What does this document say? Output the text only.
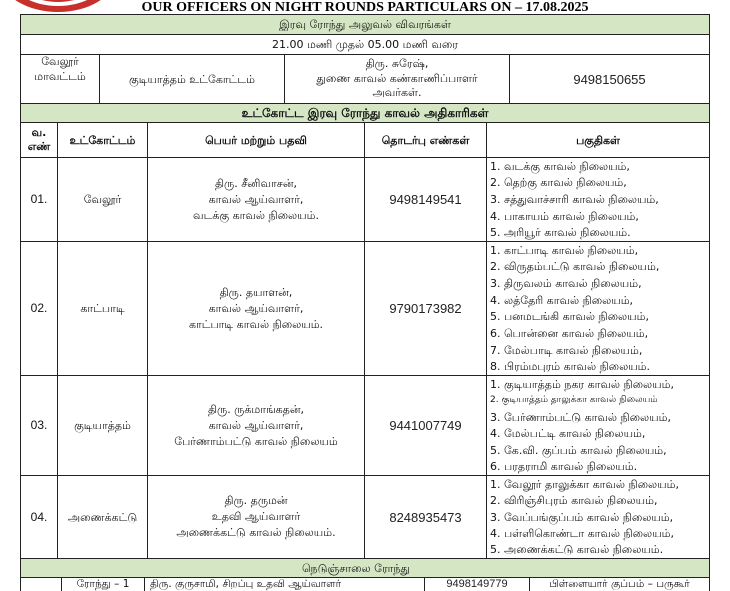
OUR OFFICERS ON NIGHT ROUNDS PARTICULARS ON – 17.08.2025
இரவு ரோந்து அலுவல் விவரங்கள்
21.00 மணி முதல் 05.00 மணி வரை
வேலூர்
மாவட்டம்	குடியாத்தம் உட்கோட்டம்
திரு. சுரேஷ்,
துணை காவல் கண்காணிப்பாளர்
அவர்கள்.
9498150655
உட்கோட்ட இரவு ரோந்து காவல் அதிகாரிகள்
வ.
எண்	உட்கோட்டம்	பெயர் மற்றும் பதவி	தொடர்பு எண்கள்	பகுதிகள்
01.	வேலூர்
திரு. சீனிவாசன்,
காவல் ஆய்வாளர்,
வடக்கு காவல் நிலையம்.
9498149541
1. வடக்கு காவல் நிலையம்,
2. தெற்கு காவல் நிலையம்,
3. சத்துவாச்சாரி காவல் நிலையம்,
4. பாகாயம் காவல் நிலையம்,
5. அரியூர் காவல் நிலையம்.
02.	காட்பாடி
திரு. தயாளன்,
காவல் ஆய்வாளர்,
காட்பாடி காவல் நிலையம்.
9790173982
1. காட்பாடி காவல் நிலையம்,
2. விருதம்பட்டு காவல் நிலையம்,
3. திருவலம் காவல் நிலையம்,
4. லத்தேரி காவல் நிலையம்,
5. பனமடங்கி காவல் நிலையம்,
6. பொன்னை காவல் நிலையம்,
7. மேல்பாடி காவல் நிலையம்,
8. பிரம்மபுரம் காவல் நிலையம்.
03.	குடியாத்தம்
திரு. ருக்மாங்கதன்,
காவல் ஆய்வாளர்,
பேர்ணாம்பட்டு காவல் நிலையம்
9441007749
1. குடியாத்தம் நகர காவல் நிலையம்,
2. குடியாத்தம் தாலுக்கா காவல் நிலையம்
3. பேர்ணாம்பட்டு காவல் நிலையம்,
4. மேல்பட்டி காவல் நிலையம்,
5. கே.வி. குப்பம் காவல் நிலையம்,
6. பரதராமி காவல் நிலையம்.
04.	அணைக்கட்டு
திரு. தருமன்
உதவி ஆய்வாளர்
அணைக்கட்டு காவல் நிலையம்.
8248935473
1. வேலூர் தாலுக்கா காவல் நிலையம்,
2. விரிஞ்சிபுரம் காவல் நிலையம்,
3. வேப்பங்குப்பம் காவல் நிலையம்,
4. பள்ளிகொண்டா காவல் நிலையம்,
5. அணைக்கட்டு காவல் நிலையம்.
நெடுஞ்சாலை ரோந்து
ரோந்து – 1	திரு. குருசாமி, சிறப்பு உதவி ஆய்வாளர்	9498149779	பிள்ளையார் குப்பம் – பருகூர்
